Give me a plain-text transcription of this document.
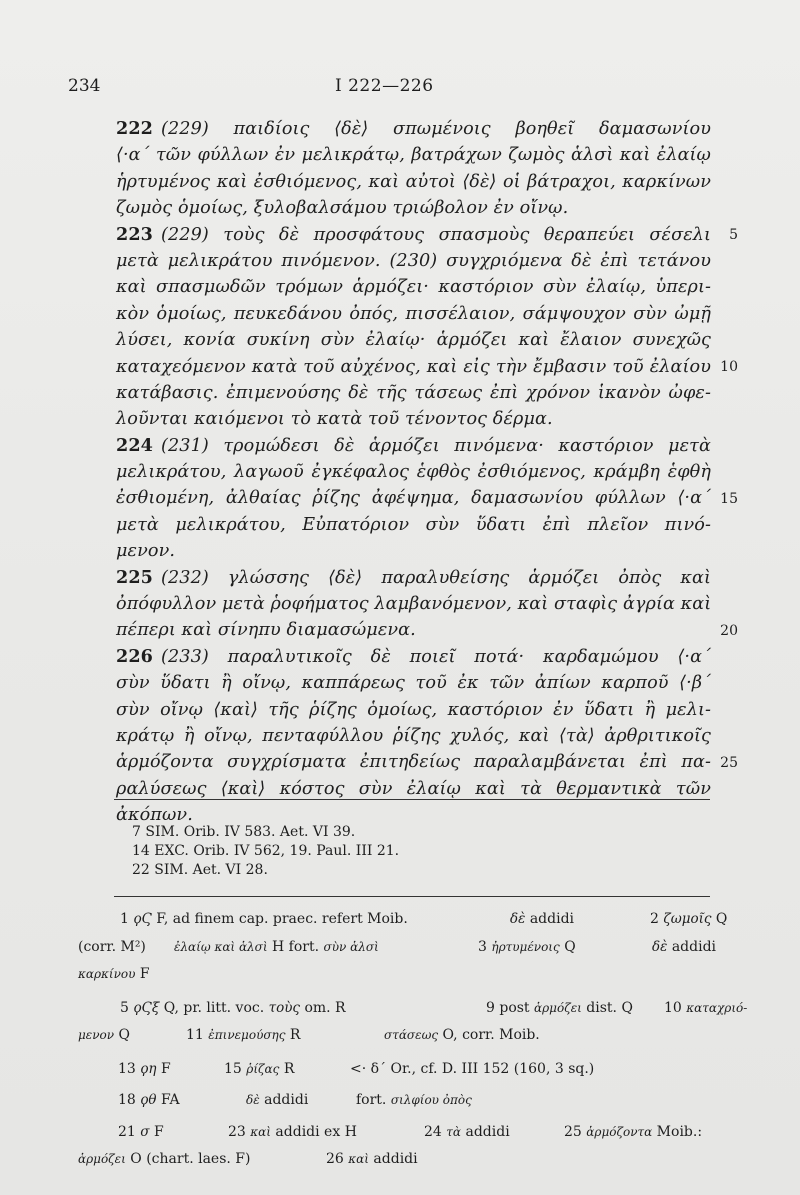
234	I 222—226
222 (229) παιδίοις ⟨δὲ⟩ σπωμένοις βοηθεῖ δαμασωνίου
⟨·α´ τῶν φύλλων ἐν μελικράτῳ, βατράχων ζωμὸς ἁλσὶ καὶ ἐλαίῳ
ἡρτυμένος καὶ ἐσθιόμενος, καὶ αὐτοὶ ⟨δὲ⟩ οἱ βάτραχοι, καρκίνων
ζωμὸς ὁμοίως, ξυλοβαλσάμου τριώβολον ἐν οἴνῳ.
223 (229) τοὺς δὲ προσφάτους σπασμοὺς θεραπεύει σέσελι
μετὰ μελικράτου πινόμενον. (230) συγχριόμενα δὲ ἐπὶ τετάνου
καὶ σπασμωδῶν τρόμων ἁρμόζει· καστόριον σὺν ἐλαίῳ, ὑπερι-
κὸν ὁμοίως, πευκεδάνου ὀπός, πισσέλαιον, σάμψουχον σὺν ὠμῇ
λύσει, κονία συκίνη σὺν ἐλαίῳ· ἁρμόζει καὶ ἔλαιον συνεχῶς
καταχεόμενον κατὰ τοῦ αὐχένος, καὶ εἰς τὴν ἔμβασιν τοῦ ἐλαίου
κατάβασις. ἐπιμενούσης δὲ τῆς τάσεως ἐπὶ χρόνον ἱκανὸν ὠφε-
λοῦνται καιόμενοι τὸ κατὰ τοῦ τένοντος δέρμα.
224 (231) τρομώδεσι δὲ ἁρμόζει πινόμενα· καστόριον μετὰ
μελικράτου, λαγωοῦ ἐγκέφαλος ἑφθὸς ἐσθιόμενος, κράμβη ἑφθὴ
ἐσθιομένη, ἀλθαίας ῥίζης ἀφέψημα, δαμασωνίου φύλλων ⟨·α´
μετὰ μελικράτου, Εὐπατόριον σὺν ὕδατι ἐπὶ πλεῖον πινό-
μενον.
225 (232) γλώσσης ⟨δὲ⟩ παραλυθείσης ἁρμόζει ὀπὸς καὶ
ὀπόφυλλον μετὰ ῥοφήματος λαμβανόμενον, καὶ σταφὶς ἀγρία καὶ
πέπερι καὶ σίνηπυ διαμασώμενα.
226 (233) παραλυτικοῖς δὲ ποιεῖ ποτά· καρδαμώμου ⟨·α´
σὺν ὕδατι ἢ οἴνῳ, καππάρεως τοῦ ἐκ τῶν ἀπίων καρποῦ ⟨·β´
σὺν οἴνῳ ⟨καὶ⟩ τῆς ῥίζης ὁμοίως, καστόριον ἐν ὕδατι ἢ μελι-
κράτῳ ἢ οἴνῳ, πενταφύλλου ῥίζης χυλός, καὶ ⟨τὰ⟩ ἀρθριτικοῖς
ἁρμόζοντα συγχρίσματα ἐπιτηδείως παραλαμβάνεται ἐπὶ πα-
ραλύσεως ⟨καὶ⟩ κόστος σὺν ἐλαίῳ καὶ τὰ θερμαντικὰ τῶν
ἀκόπων.
5
10
15
20
25
7 SIM. Orib. IV 583. Aet. VI 39.
14 EXC. Orib. IV 562, 19. Paul. III 21.
22 SIM. Aet. VI 28.
1 ϙϚ F, ad finem cap. praec. refert Moib.	δὲ addidi	2 ζωμοῖς Q
(corr. M²) ἐλαίῳ καὶ ἁλσὶ H fort. σὺν ἁλσὶ	3 ἠρτυμένοις Q	δὲ addidi
καρκίνου F
5 ϙϚξ Q, pr. litt. voc. τοὺς om. R	9 post ἁρμόζει dist. Q 10 καταχριό-
μενον Q	11 ἐπινεμούσης R	στάσεως O, corr. Moib.
13 ϙη F	15 ῥίζας R	<· δ´ Or., cf. D. III 152 (160, 3 sq.)
18 ϙθ FA	δὲ addidi	fort. σιλφίου ὀπὸς
21 σ F	23 καὶ addidi ex H	24 τὰ addidi	25 ἁρμόζοντα Moib.:
ἁρμόζει O (chart. laes. F)	26 καὶ addidi
